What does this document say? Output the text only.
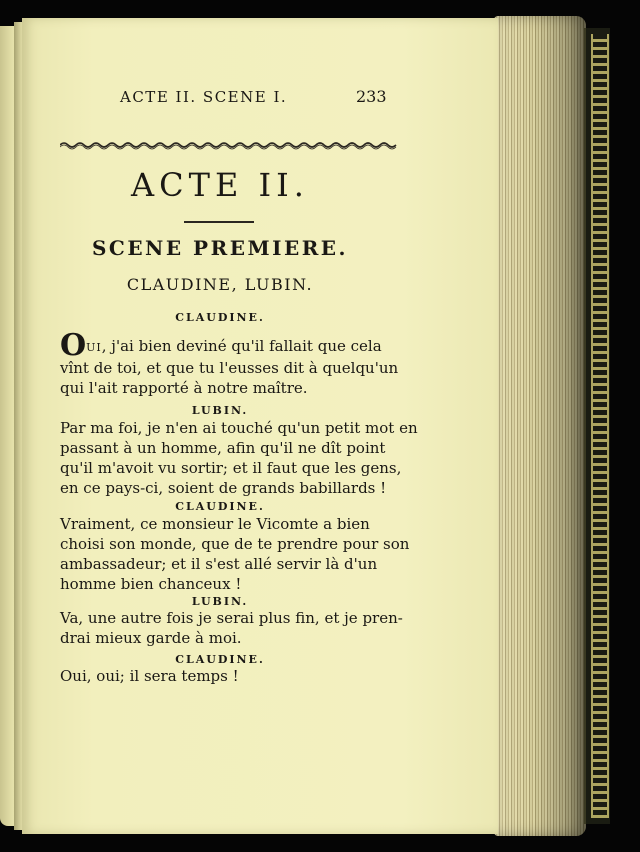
ACTE II. SCENE I.	233
ACTE II.
SCENE PREMIERE.
CLAUDINE, LUBIN.
CLAUDINE.
OUI, j'ai bien deviné qu'il fallait que cela
vînt de toi, et que tu l'eusses dit à quelqu'un
qui l'ait rapporté à notre maître.
LUBIN.
Par ma foi, je n'en ai touché qu'un petit mot en
passant à un homme, afin qu'il ne dît point
qu'il m'avoit vu sortir; et il faut que les gens,
en ce pays-ci, soient de grands babillards !
CLAUDINE.
Vraiment, ce monsieur le Vicomte a bien
choisi son monde, que de te prendre pour son
ambassadeur; et il s'est allé servir là d'un
homme bien chanceux !
LUBIN.
Va, une autre fois je serai plus fin, et je pren-
drai mieux garde à moi.
CLAUDINE.
Oui, oui; il sera temps !
